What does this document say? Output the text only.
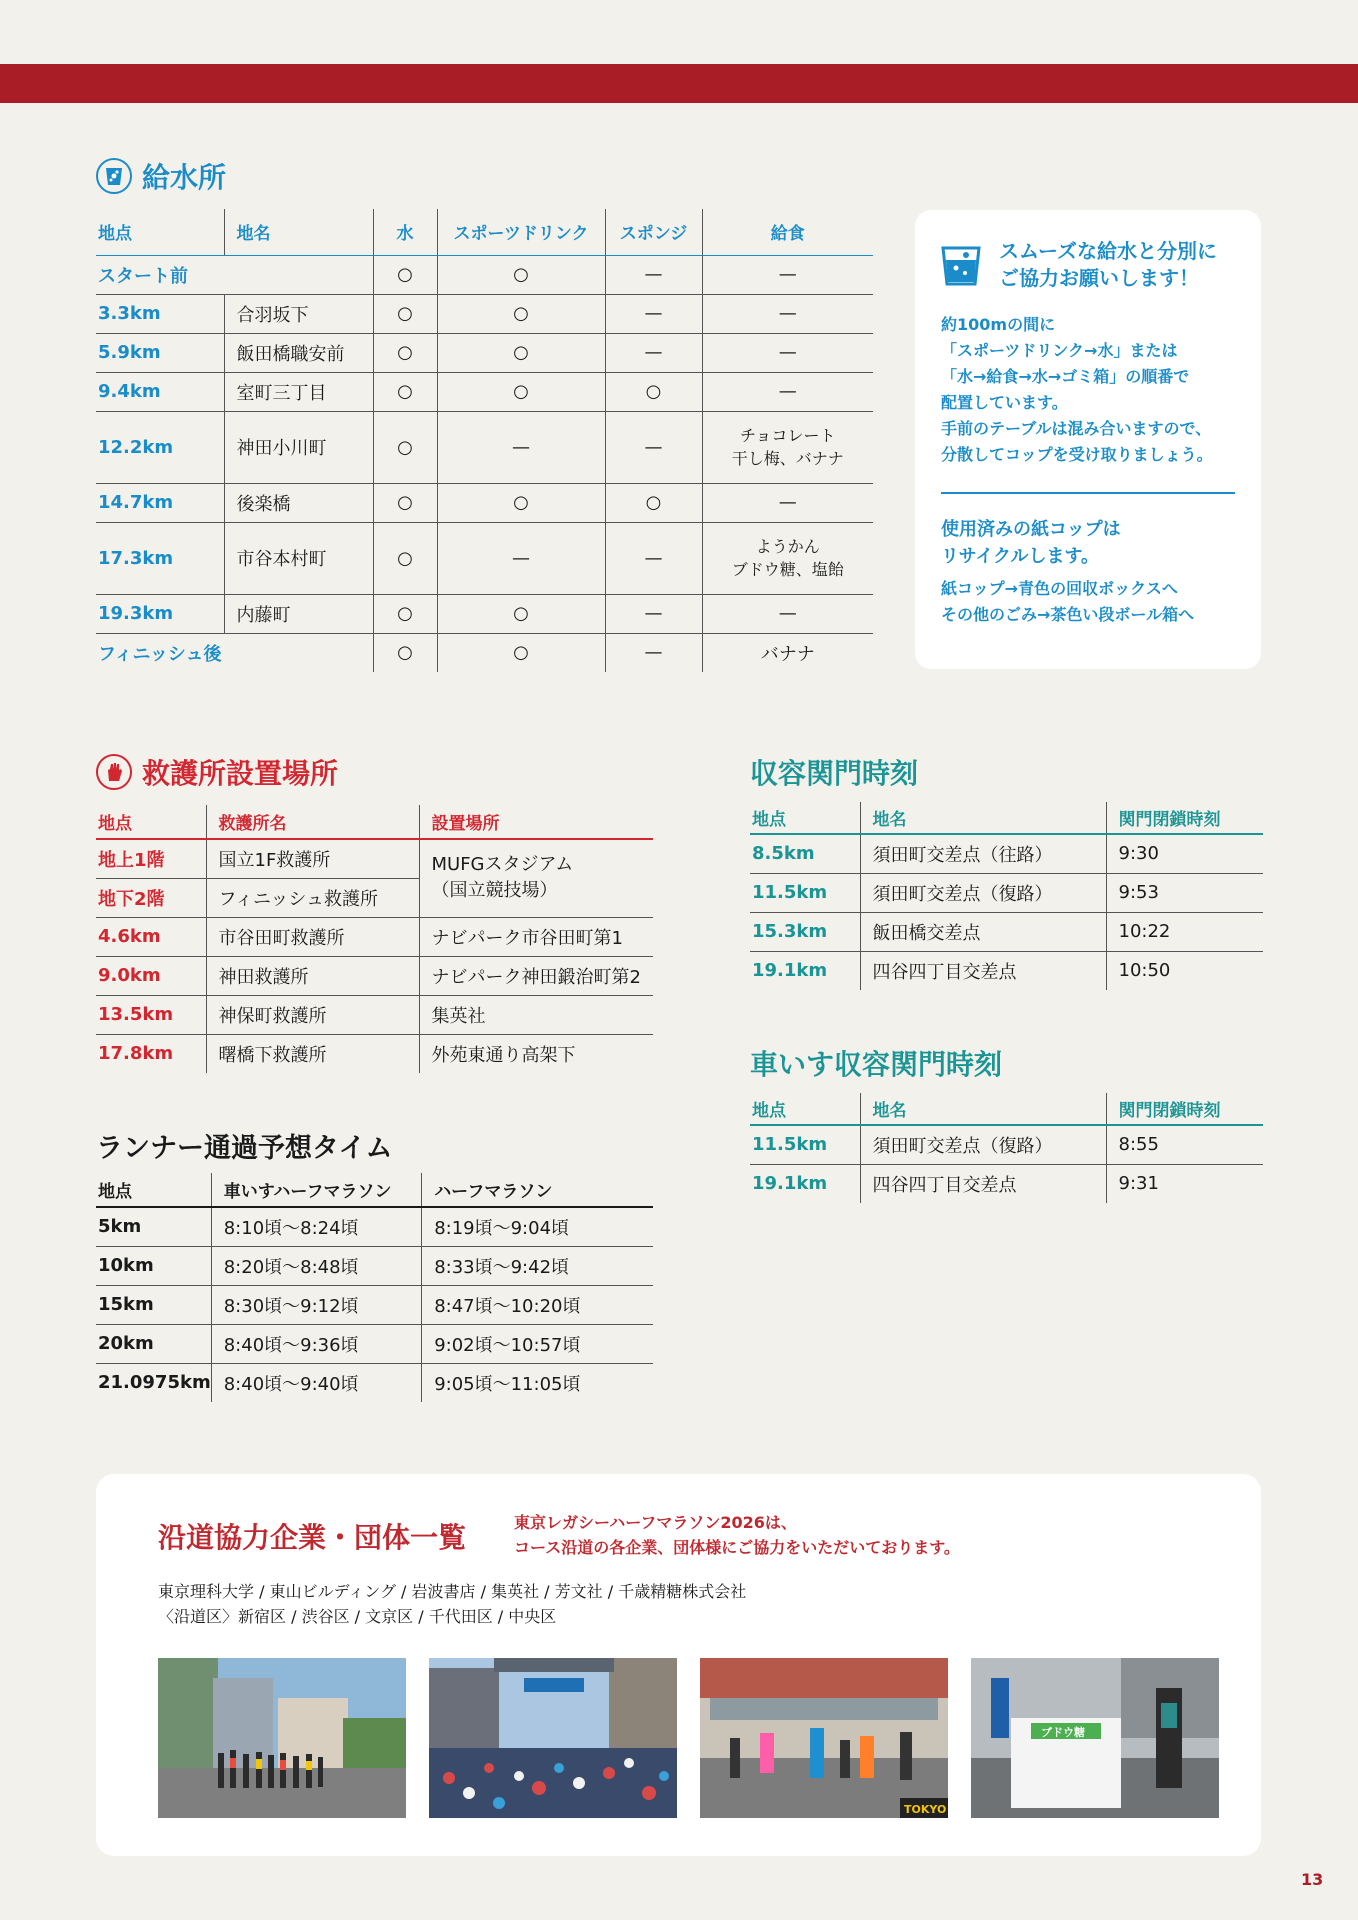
給水所
地点	地名	水	スポーツドリンク	スポンジ	給食
スタート前		○	○	—	—
3.3km	合羽坂下	○	○	—	—
5.9km	飯田橋職安前	○	○	—	—
9.4km	室町三丁目	○	○	○	—
12.2km	神田小川町	○	—	—	チョコレート
干し梅、バナナ

14.7km	後楽橋	○	○	○	—
17.3km	市谷本村町	○	—	—	ようかん
ブドウ糖、塩飴

19.3km	内藤町	○	○	—	—
フィニッシュ後		○	○	—	バナナ
スムーズな給水と分別に
ご協力お願いします！
約100mの間に
「スポーツドリンク→水」または
「水→給食→水→ゴミ箱」の順番で
配置しています。
手前のテーブルは混み合いますので、
分散してコップを受け取りましょう。
使用済みの紙コップは
リサイクルします。
紙コップ→青色の回収ボックスへ
その他のごみ→茶色い段ボール箱へ
救護所設置場所
地点	救護所名	設置場所
地上1階	国立1F救護所	MUFGスタジアム
（国立競技場）

地下2階	フィニッシュ救護所	
4.6km	市谷田町救護所	ナビパーク市谷田町第1
9.0km	神田救護所	ナビパーク神田鍛治町第2
13.5km	神保町救護所	集英社
17.8km	曙橋下救護所	外苑東通り高架下
ランナー通過予想タイム
地点	車いすハーフマラソン	ハーフマラソン
5km	8:10頃〜8:24頃	8:19頃〜9:04頃
10km	8:20頃〜8:48頃	8:33頃〜9:42頃
15km	8:30頃〜9:12頃	8:47頃〜10:20頃
20km	8:40頃〜9:36頃	9:02頃〜10:57頃
21.0975km	8:40頃〜9:40頃	9:05頃〜11:05頃
収容関門時刻
地点	地名	関門閉鎖時刻
8.5km	須田町交差点（往路）	9:30
11.5km	須田町交差点（復路）	9:53
15.3km	飯田橋交差点	10:22
19.1km	四谷四丁目交差点	10:50
車いす収容関門時刻
地点	地名	関門閉鎖時刻
11.5km	須田町交差点（復路）	8:55
19.1km	四谷四丁目交差点	9:31
沿道協力企業・団体一覧	東京レガシーハーフマラソン2026は、
コース沿道の各企業、団体様にご協力をいただいております。
東京理科大学 / 東山ビルディング / 岩波書店 / 集英社 / 芳文社 / 千歳精糖株式会社
〈沿道区〉新宿区 / 渋谷区 / 文京区 / 千代田区 / 中央区
TOKYO
ブドウ糖
13
